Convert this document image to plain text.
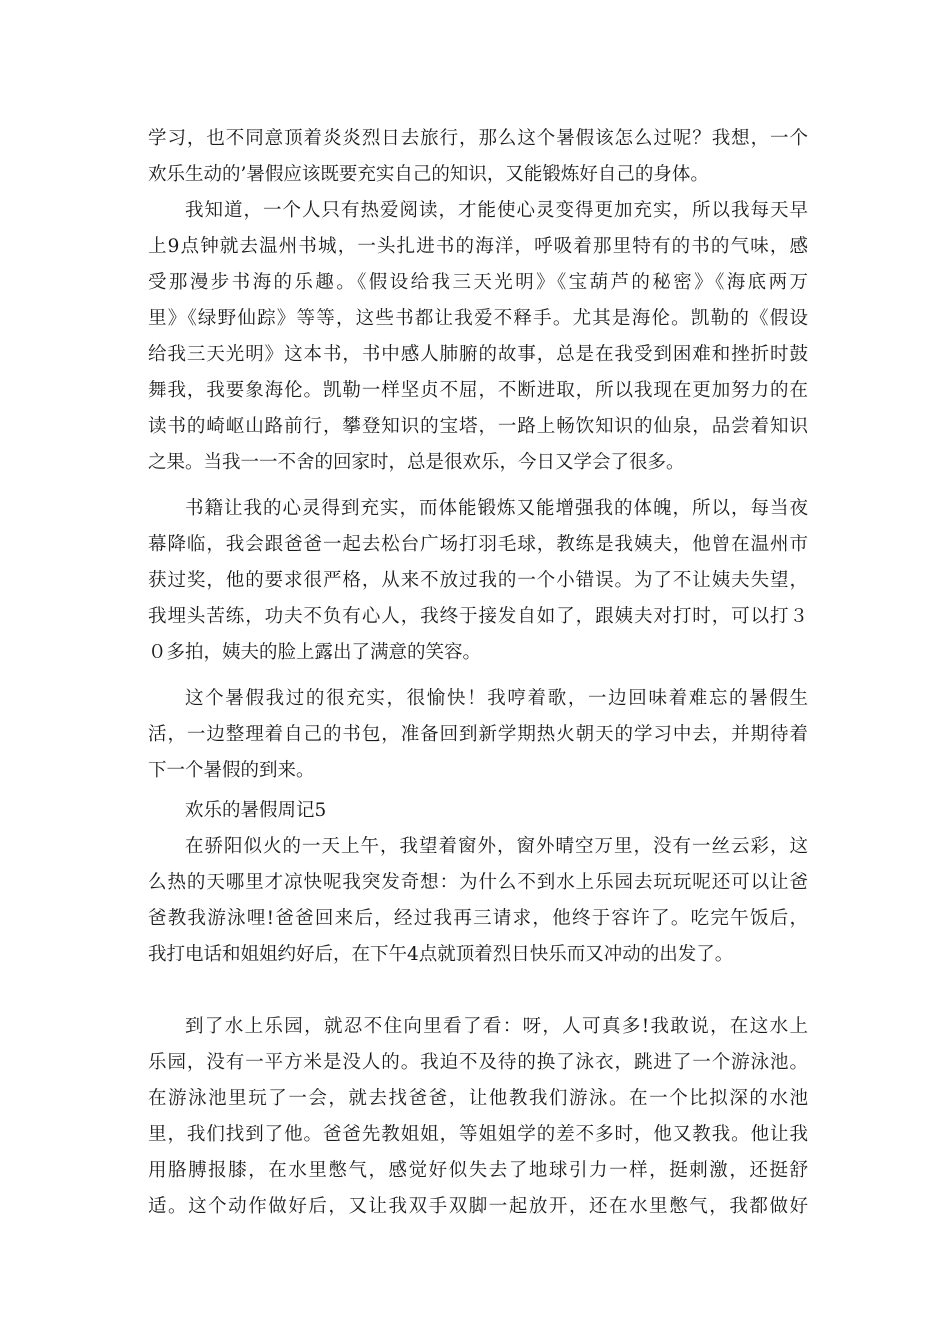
学习，也不同意顶着炎炎烈日去旅行，那么这个暑假该怎么过呢？我想，一个
欢乐生动的’暑假应该既要充实自己的知识，又能锻炼好自己的身体。
我知道，一个人只有热爱阅读，才能使心灵变得更加充实，所以我每天早
上9点钟就去温州书城，一头扎进书的海洋，呼吸着那里特有的书的气味，感
受那漫步书海的乐趣。《假设给我三天光明》《宝葫芦的秘密》《海底两万
里》《绿野仙踪》等等，这些书都让我爱不释手。尤其是海伦。凯勒的《假设
给我三天光明》这本书，书中感人肺腑的故事，总是在我受到困难和挫折时鼓
舞我，我要象海伦。凯勒一样坚贞不屈，不断进取，所以我现在更加努力的在
读书的崎岖山路前行，攀登知识的宝塔，一路上畅饮知识的仙泉，品尝着知识
之果。当我一一不舍的回家时，总是很欢乐，今日又学会了很多。
书籍让我的心灵得到充实，而体能锻炼又能增强我的体魄，所以，每当夜
幕降临，我会跟爸爸一起去松台广场打羽毛球，教练是我姨夫，他曾在温州市
获过奖，他的要求很严格，从来不放过我的一个小错误。为了不让姨夫失望，
我埋头苦练，功夫不负有心人，我终于接发自如了，跟姨夫对打时，可以打３
０多拍，姨夫的脸上露出了满意的笑容。
这个暑假我过的很充实，很愉快！我哼着歌，一边回味着难忘的暑假生
活，一边整理着自己的书包，准备回到新学期热火朝天的学习中去，并期待着
下一个暑假的到来。
欢乐的暑假周记5
在骄阳似火的一天上午，我望着窗外，窗外晴空万里，没有一丝云彩，这
么热的天哪里才凉快呢我突发奇想：为什么不到水上乐园去玩玩呢还可以让爸
爸教我游泳哩!爸爸回来后，经过我再三请求，他终于容许了。吃完午饭后，
我打电话和姐姐约好后，在下午4点就顶着烈日快乐而又冲动的出发了。
到了水上乐园，就忍不住向里看了看：呀，人可真多!我敢说，在这水上
乐园，没有一平方米是没人的。我迫不及待的换了泳衣，跳进了一个游泳池。
在游泳池里玩了一会，就去找爸爸，让他教我们游泳。在一个比拟深的水池
里，我们找到了他。爸爸先教姐姐，等姐姐学的差不多时，他又教我。他让我
用胳膊报膝，在水里憋气，感觉好似失去了地球引力一样，挺刺激，还挺舒
适。这个动作做好后，又让我双手双脚一起放开，还在水里憋气，我都做好
